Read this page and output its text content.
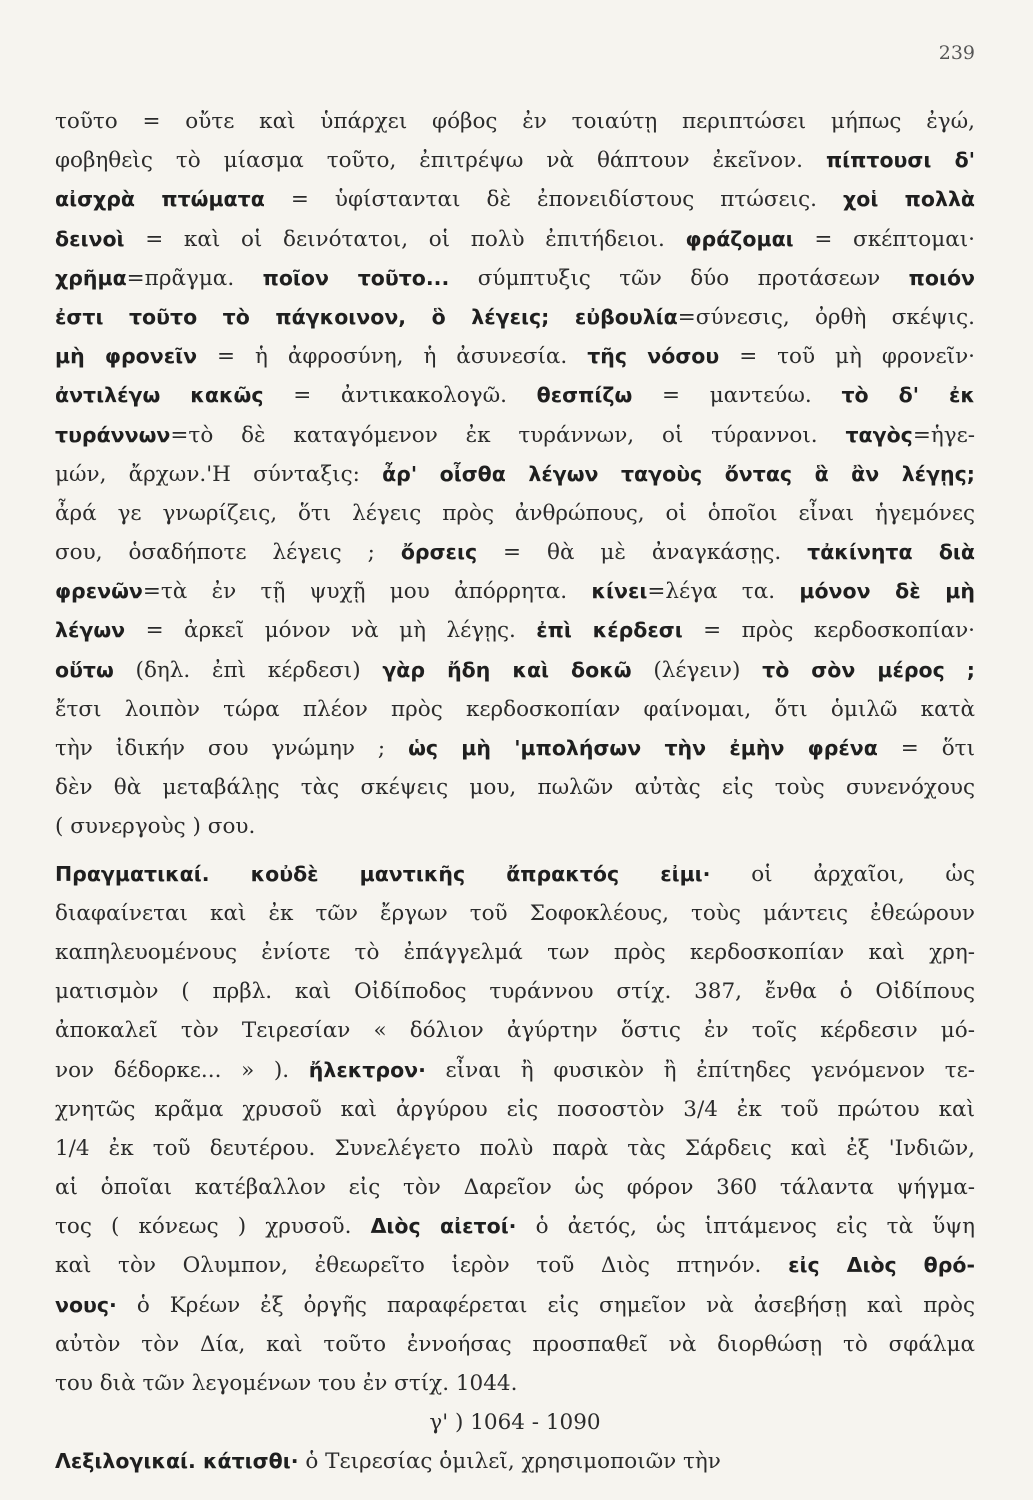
239
τοῦτο = οὔτε καὶ ὑπάρχει φόβος ἐν τοιαύτῃ περιπτώσει μήπως ἐγώ,
φοβηθεὶς τὸ μίασμα τοῦτο, ἐπιτρέψω νὰ θάπτουν ἐκεῖνον. πίπτουσι δ'
αἰσχρὰ πτώματα = ὑφίστανται δὲ ἐπονειδίστους πτώσεις. χοἱ πολλὰ
δεινοὶ = καὶ οἱ δεινότατοι, οἱ πολὺ ἐπιτήδειοι. φράζομαι = σκέπτομαι·
χρῆμα=πρᾶγμα. ποῖον τοῦτο... σύμπτυξις τῶν δύο προτάσεων ποιόν
ἐστι τοῦτο τὸ πάγκοινον, ὃ λέγεις; εὐβουλία=σύνεσις, ὀρθὴ σκέψις.
μὴ φρονεῖν = ἡ ἀφροσύνη, ἡ ἀσυνεσία. τῆς νόσου = τοῦ μὴ φρονεῖν·
ἀντιλέγω κακῶς = ἀντικακολογῶ. θεσπίζω = μαντεύω. τὸ δ' ἐκ
τυράννων=τὸ δὲ καταγόμενον ἐκ τυράννων, οἱ τύραννοι. ταγὸς=ἡγε-
μών, ἄρχων.'Η σύνταξις: ἆρ' οἶσθα λέγων ταγοὺς ὄντας ἃ ἂν λέγῃς;
ἆρά γε γνωρίζεις, ὅτι λέγεις πρὸς ἀνθρώπους, οἱ ὁποῖοι εἶναι ἡγεμόνες
σου, ὁσαδήποτε λέγεις ; ὄρσεις = θὰ μὲ ἀναγκάσῃς. τἀκίνητα διὰ
φρενῶν=τὰ ἐν τῇ ψυχῇ μου ἀπόρρητα. κίνει=λέγα τα. μόνον δὲ μὴ
λέγων = ἀρκεῖ μόνον νὰ μὴ λέγῃς. ἐπὶ κέρδεσι = πρὸς κερδοσκοπίαν·
οὕτω (δηλ. ἐπὶ κέρδεσι) γὰρ ἤδη καὶ δοκῶ (λέγειν) τὸ σὸν μέρος ;
ἔτσι λοιπὸν τώρα πλέον πρὸς κερδοσκοπίαν φαίνομαι, ὅτι ὁμιλῶ κατὰ
τὴν ἰδικήν σου γνώμην ; ὡς μὴ 'μπολήσων τὴν ἐμὴν φρένα = ὅτι
δὲν θὰ μεταβάλῃς τὰς σκέψεις μου, πωλῶν αὐτὰς εἰς τοὺς συνενόχους
( συνεργοὺς ) σου.
Πραγματικαί. κοὐδὲ μαντικῆς ἄπρακτός εἰμι· οἱ ἀρχαῖοι, ὡς
διαφαίνεται καὶ ἐκ τῶν ἔργων τοῦ Σοφοκλέους, τοὺς μάντεις ἐθεώρουν
καπηλευομένους ἐνίοτε τὸ ἐπάγγελμά των πρὸς κερδοσκοπίαν καὶ χρη-
ματισμὸν ( πρβλ. καὶ Οἰδίποδος τυράννου στίχ. 387, ἔνθα ὁ Οἰδίπους
ἀποκαλεῖ τὸν Τειρεσίαν « δόλιον ἀγύρτην ὅστις ἐν τοῖς κέρδεσιν μό-
νον δέδορκε... » ). ἤλεκτρον· εἶναι ἢ φυσικὸν ἢ ἐπίτηδες γενόμενον τε-
χνητῶς κρᾶμα χρυσοῦ καὶ ἀργύρου εἰς ποσοστὸν 3/4 ἐκ τοῦ πρώτου καὶ
1/4 ἐκ τοῦ δευτέρου. Συνελέγετο πολὺ παρὰ τὰς Σάρδεις καὶ ἐξ 'Ινδιῶν,
αἱ ὁποῖαι κατέβαλλον εἰς τὸν Δαρεῖον ὡς φόρον 360 τάλαντα ψήγμα-
τος ( κόνεως ) χρυσοῦ. Διὸς αἰετοί· ὁ ἀετός, ὡς ἱπτάμενος εἰς τὰ ὕψη
καὶ τὸν Ολυμπον, ἐθεωρεῖτο ἱερὸν τοῦ Διὸς πτηνόν. εἰς Διὸς θρό-
νους· ὁ Κρέων ἐξ ὀργῆς παραφέρεται εἰς σημεῖον νὰ ἀσεβήσῃ καὶ πρὸς
αὐτὸν τὸν Δία, καὶ τοῦτο ἐννοήσας προσπαθεῖ νὰ διορθώσῃ τὸ σφάλμα
του διὰ τῶν λεγομένων του ἐν στίχ. 1044.
γ' ) 1064 - 1090
Λεξιλογικαί. κάτισθι· ὁ Τειρεσίας ὁμιλεῖ, χρησιμοποιῶν τὴν
